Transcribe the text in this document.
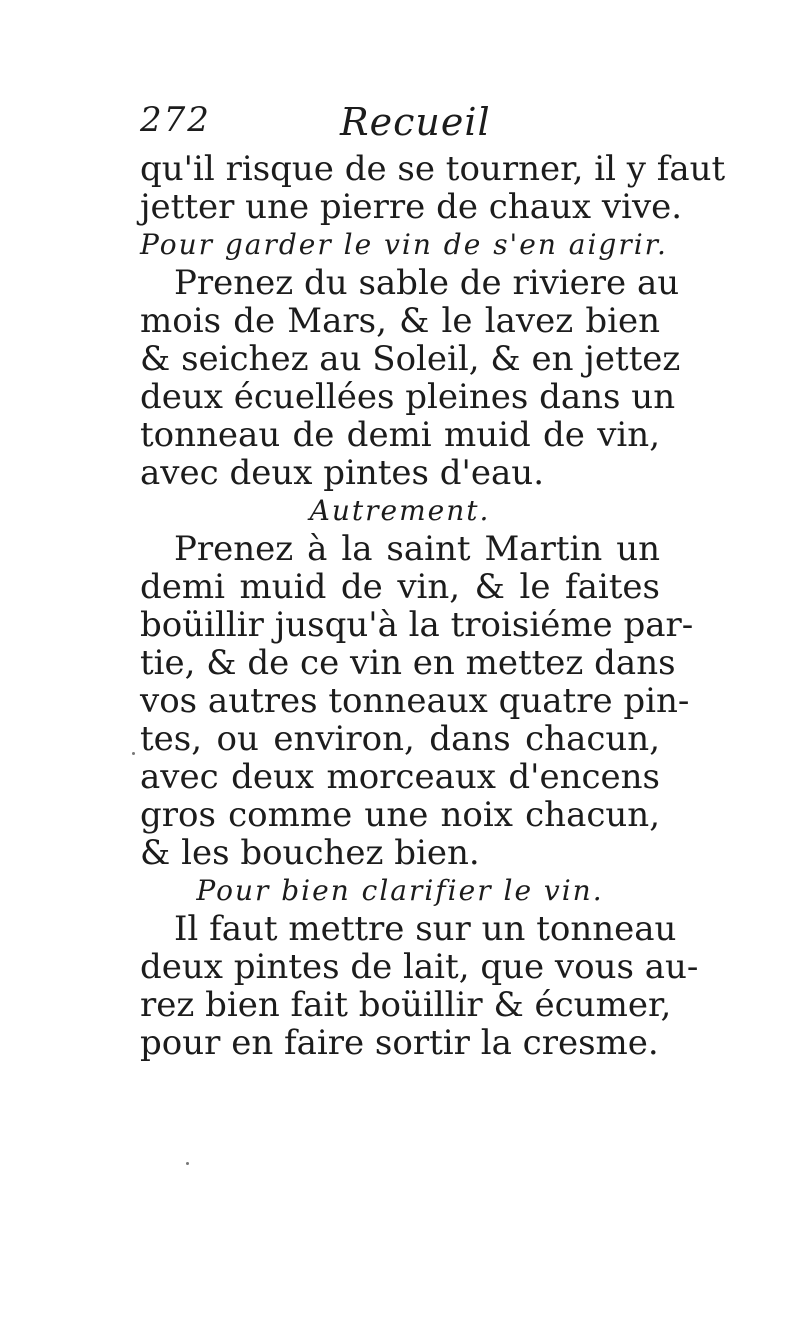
272	Recueil
qu'il risque de se tourner, il y faut
jetter une pierre de chaux vive.
Pour garder le vin de s'en aigrir.
Prenez du sable de riviere au
mois de Mars, & le lavez bien
& seichez au Soleil, & en jettez
deux écuellées pleines dans un
tonneau de demi muid de vin,
avec deux pintes d'eau.
Autrement.
Prenez à la saint Martin un
demi muid de vin, & le faites
boüillir jusqu'à la troisiéme par-
tie, & de ce vin en mettez dans
vos autres tonneaux quatre pin-
tes, ou environ, dans chacun,
avec deux morceaux d'encens
gros comme une noix chacun,
& les bouchez bien.
Pour bien clarifier le vin.
Il faut mettre sur un tonneau
deux pintes de lait, que vous au-
rez bien fait boüillir & écumer,
pour en faire sortir la cresme.
